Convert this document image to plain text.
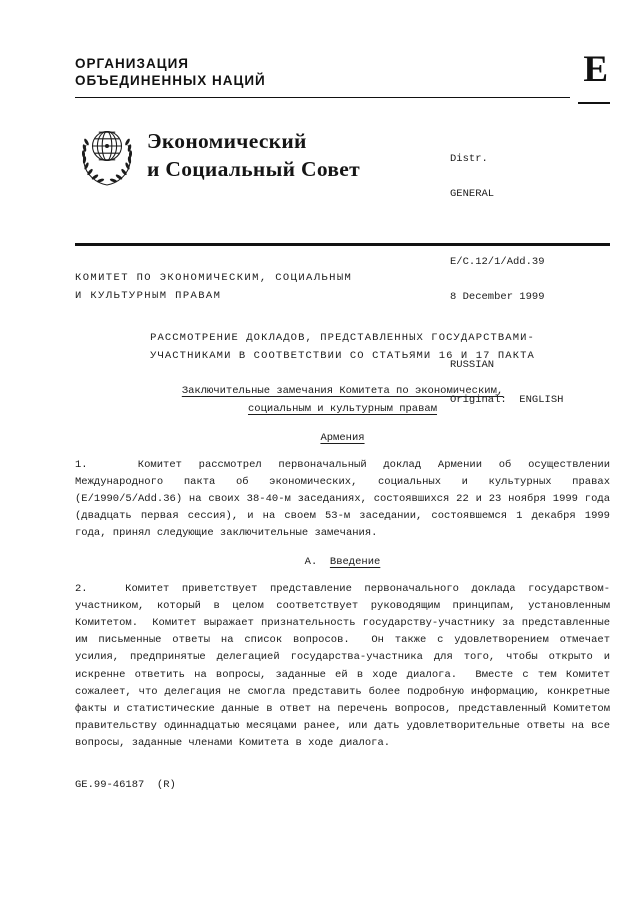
ОРГАНИЗАЦИЯ
ОБЪЕДИНЕННЫХ НАЦИЙ	E
Экономический
и Социальный Совет

	Distr.

GENERAL

E/C.12/1/Add.39

8 December 1999

RUSSIAN

Original:  ENGLISH

КОМИТЕТ ПО ЭКОНОМИЧЕСКИМ, СОЦИАЛЬНЫМ
И КУЛЬТУРНЫМ ПРАВАМ
РАССМОТРЕНИЕ ДОКЛАДОВ, ПРЕДСТАВЛЕННЫХ ГОСУДАРСТВАМИ-
УЧАСТНИКАМИ В СООТВЕТСТВИИ СО СТАТЬЯМИ 16 И 17 ПАКТА
Заключительные замечания Комитета по экономическим,
социальным и культурным правам
Армения
1.   Комитет рассмотрел первоначальный доклад Армении об осуществлении Международного пакта об экономических, социальных и культурных правах (E/1990/5/Add.36) на своих 38-40-м заседаниях, состоявшихся 22 и 23 ноября 1999 года (двадцать первая сессия), и на своем 53-м заседании, состоявшемся 1 декабря 1999 года, принял следующие заключительные замечания.
A. Введение
2.   Комитет приветствует представление первоначального доклада государством-участником, который в целом соответствует руководящим принципам, установленным Комитетом.  Комитет выражает признательность государству-участнику за представленные им письменные ответы на список вопросов.  Он также с удовлетворением отмечает усилия, предпринятые делегацией государства-участника для того, чтобы открыто и искренне ответить на вопросы, заданные ей в ходе диалога.  Вместе с тем Комитет сожалеет, что делегация не смогла представить более подробную информацию, конкретные факты и статистические данные в ответ на перечень вопросов, представленный Комитетом правительству одиннадцатью месяцами ранее, или дать удовлетворительные ответы на все вопросы, заданные членами Комитета в ходе диалога.
GE.99-46187  (R)
